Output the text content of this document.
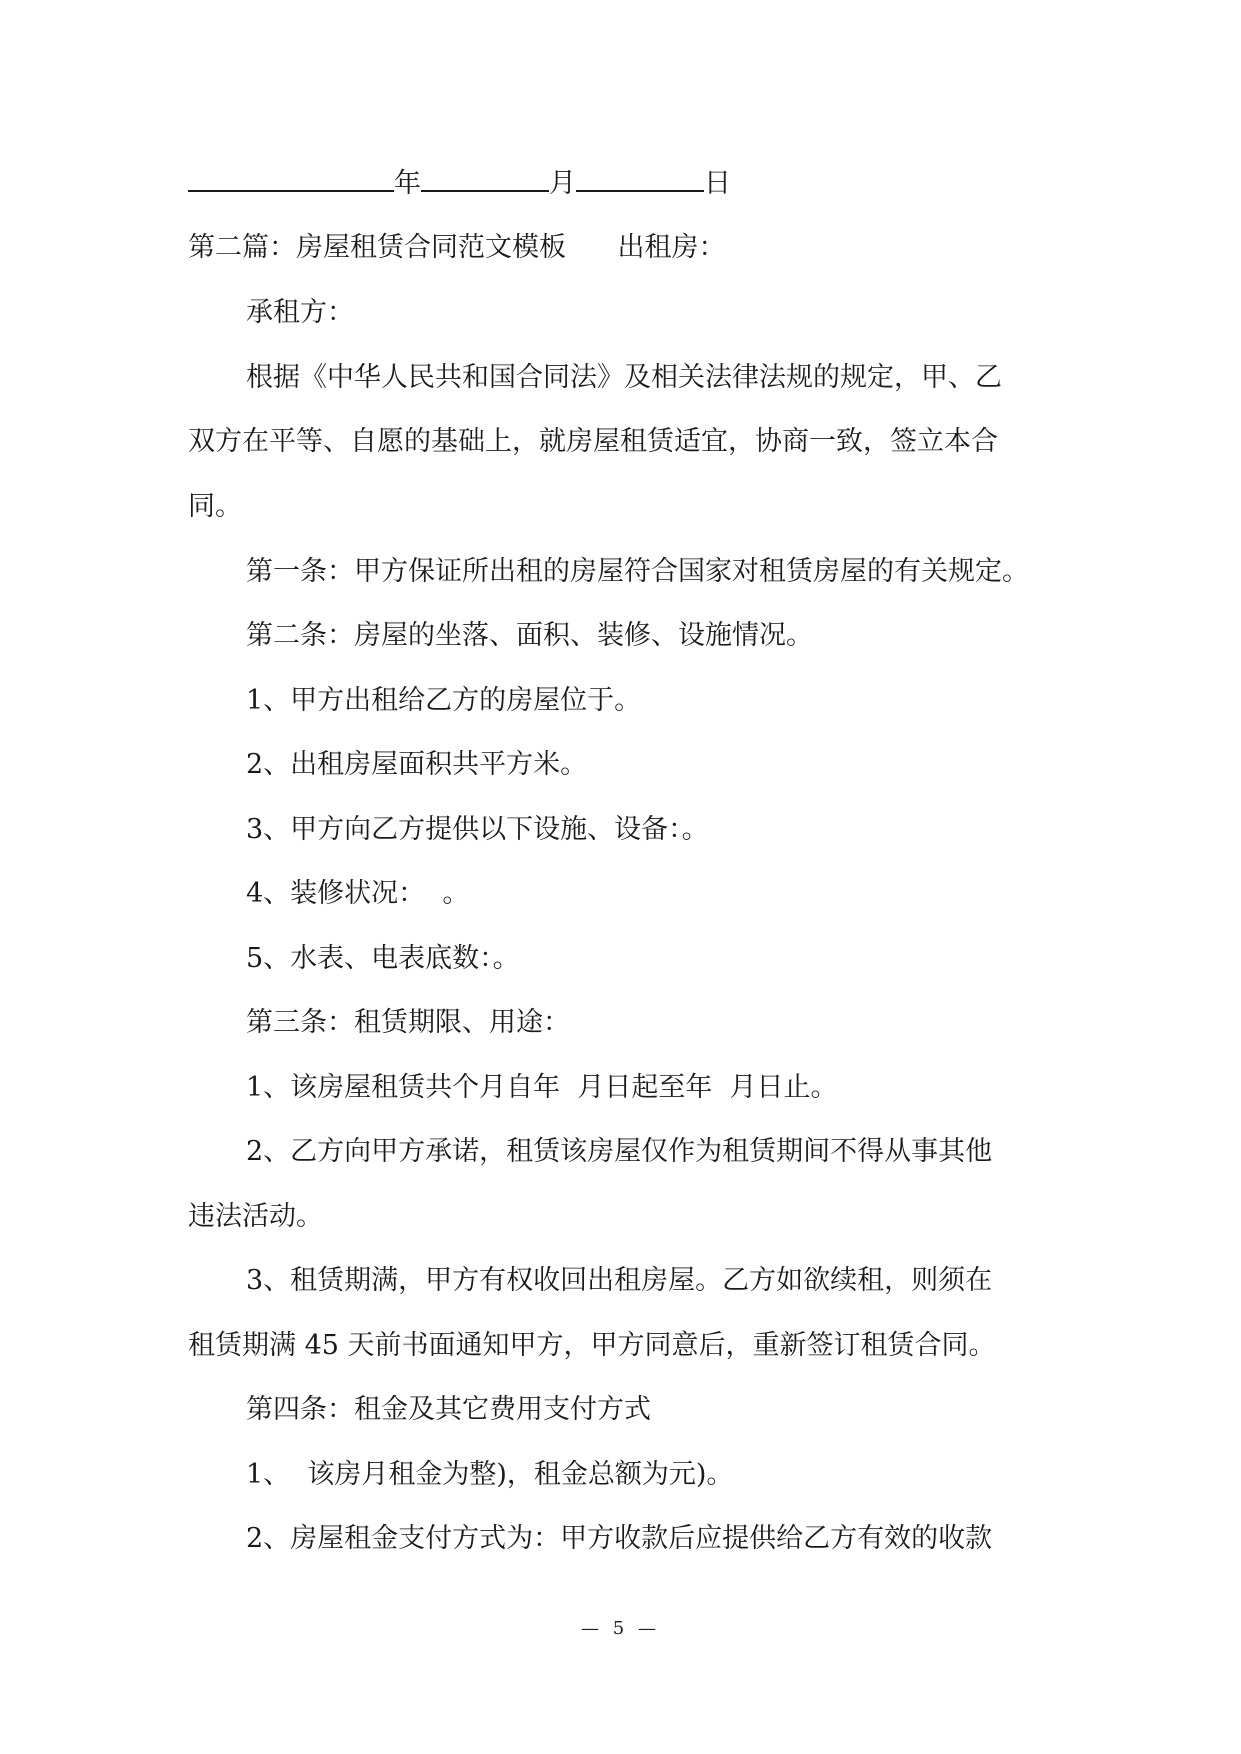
年	月	日
第二篇：房屋租赁合同范文模板      出租房：
承租方：
根据《中华人民共和国合同法》及相关法律法规的规定，甲、乙
双方在平等、自愿的基础上，就房屋租赁适宜，协商一致，签立本合
同。
第一条：甲方保证所出租的房屋符合国家对租赁房屋的有关规定。
第二条：房屋的坐落、面积、装修、设施情况。
1、甲方出租给乙方的房屋位于。
2、出租房屋面积共平方米。
3、甲方向乙方提供以下设施、设备：。
4、装修状况：  。
5、水表、电表底数：。
第三条：租赁期限、用途：
1、该房屋租赁共个月自年  月日起至年  月日止。
2、乙方向甲方承诺，租赁该房屋仅作为租赁期间不得从事其他
违法活动。
3、租赁期满，甲方有权收回出租房屋。乙方如欲续租，则须在
租赁期满 45 天前书面通知甲方，甲方同意后，重新签订租赁合同。
第四条：租金及其它费用支付方式
1、  该房月租金为整)，租金总额为元)。
2、房屋租金支付方式为：甲方收款后应提供给乙方有效的收款
— 5 —
